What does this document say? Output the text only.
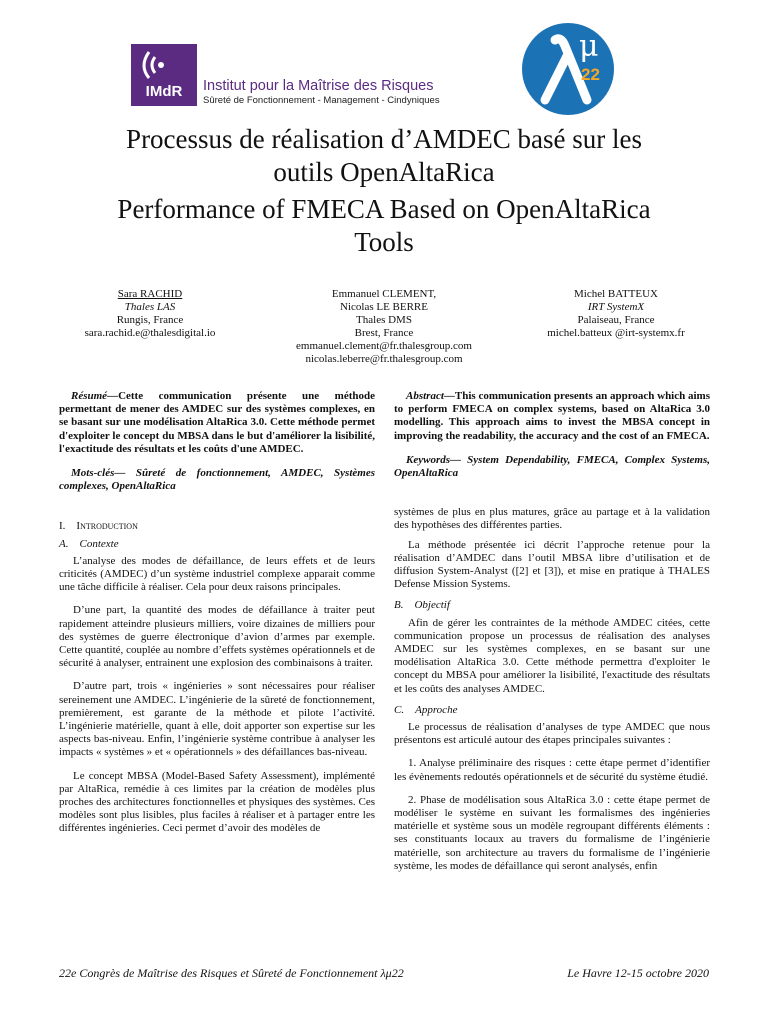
IMdR	Institut pour la Maîtrise des Risques
Sûreté de Fonctionnement - Management - Cindyniques
μ
22
Processus de réalisation d’AMDEC basé sur les
outils OpenAltaRica
Performance of FMECA Based on OpenAltaRica
Tools
Sara RACHID
Thales LAS
Rungis, France
sara.rachid.e@thalesdigital.io
Emmanuel CLEMENT,
Nicolas LE BERRE
Thales DMS
Brest, France
emmanuel.clement@fr.thalesgroup.com
nicolas.leberre@fr.thalesgroup.com
Michel BATTEUX
IRT SystemX
Palaiseau, France
michel.batteux @irt-systemx.fr

Résumé—Cette communication présente une méthode permettant de mener des AMDEC sur des systèmes complexes, en se basant sur une modélisation AltaRica 3.0. Cette méthode permet d'exploiter le concept du MBSA dans le but d'améliorer la lisibilité, l'exactitude des résultats et les coûts d'une AMDEC.

Mots-clés— Sûreté de fonctionnement, AMDEC, Systèmes complexes, OpenAltaRica

I. Introduction

A. Contexte

L’analyse des modes de défaillance, de leurs effets et de leurs criticités (AMDEC) d’un système industriel complexe apparait comme une tâche difficile à réaliser. Cela pour deux raisons principales.

D’une part, la quantité des modes de défaillance à traiter peut rapidement atteindre plusieurs milliers, voire dizaines de milliers pour des systèmes de guerre électronique d’avion d’armes par exemple. Cette quantité, couplée au nombre d’effets systèmes opérationnels et de sécurité à analyser, entrainent une explosion des combinaisons à traiter.

D’autre part, trois « ingénieries » sont nécessaires pour réaliser sereinement une AMDEC. L’ingénierie de la sûreté de fonctionnement, premièrement, est garante de la méthode et pilote l’activité. L’ingénierie matérielle, quant à elle, doit apporter son expertise sur les aspects bas-niveau. Enfin, l’ingénierie système contribue à analyser les impacts « systèmes » et « opérationnels » des défaillances bas-niveau.

Le concept MBSA (Model-Based Safety Assessment), implémenté par AltaRica, remédie à ces limites par la création de modèles plus proches des architectures fonctionnelles et physiques des systèmes. Ces modèles sont plus lisibles, plus faciles à réaliser et à partager entre les différentes ingénieries. Ceci permet d’avoir des modèles de

Abstract—This communication presents an approach which aims to perform FMECA on complex systems, based on AltaRica 3.0 modelling. This approach aims to invest the MBSA concept in improving the readability, the accuracy and the cost of an FMECA.

Keywords— System Dependability, FMECA, Complex Systems, OpenAltaRica

systèmes de plus en plus matures, grâce au partage et à la validation des hypothèses des différentes parties.

La méthode présentée ici décrit l’approche retenue pour la réalisation d’AMDEC dans l’outil MBSA libre d’utilisation et de diffusion System-Analyst ([2] et [3]), et mise en pratique à THALES Defense Mission Systems.

B. Objectif

Afin de gérer les contraintes de la méthode AMDEC citées, cette communication propose un processus de réalisation des analyses AMDEC sur les systèmes complexes, en se basant sur une modélisation AltaRica 3.0. Cette méthode permettra d'exploiter le concept du MBSA pour améliorer la lisibilité, l'exactitude des résultats et les coûts des analyses AMDEC.

C. Approche

Le processus de réalisation d’analyses de type AMDEC que nous présentons est articulé autour des étapes principales suivantes :

1. Analyse préliminaire des risques : cette étape permet d’identifier les évènements redoutés opérationnels et de sécurité du système étudié.

2. Phase de modélisation sous AltaRica 3.0 : cette étape permet de modéliser le système en suivant les formalismes des ingénieries matérielle et système sous un modèle regroupant différents éléments : ses constituants locaux au travers du formalisme de l’ingénierie matérielle, son architecture au travers du formalisme de l’ingénierie système, les modes de défaillance qui seront analysés, enfin

22e Congrès de Maîtrise des Risques et Sûreté de Fonctionnement λμ22	Le Havre 12-15 octobre 2020
